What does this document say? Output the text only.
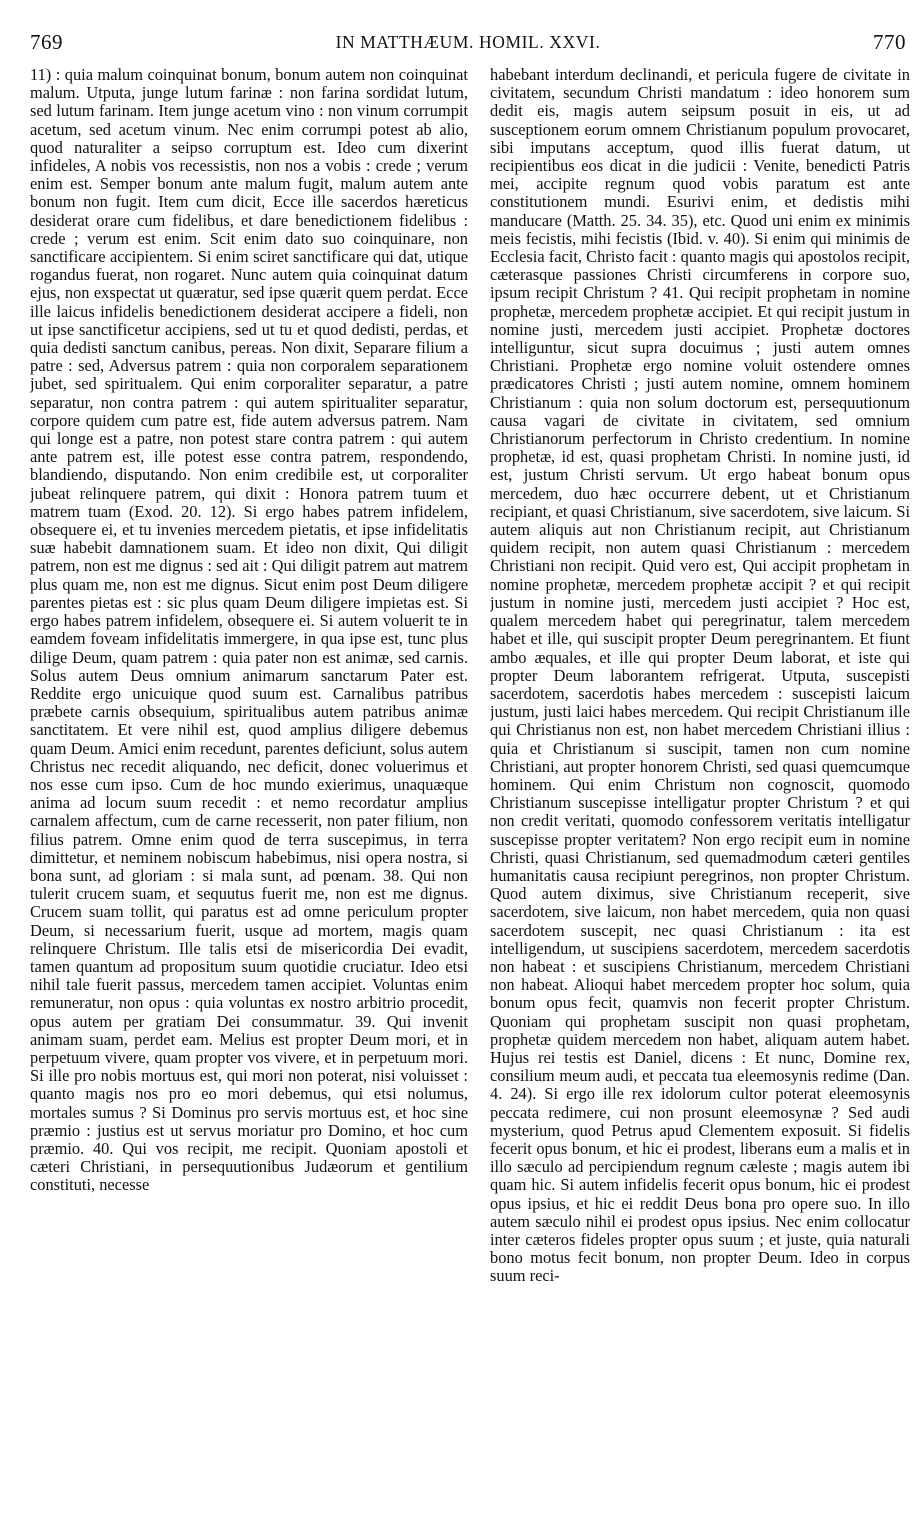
769	IN MATTHÆUM. HOMIL. XXVI.	770

11) : quia malum coinquinat bonum, bonum autem non coinquinat malum. Utputa, junge lutum farinæ : non farina sordidat lutum, sed lutum farinam. Item junge acetum vino : non vinum corrumpit acetum, sed acetum vinum. Nec enim corrumpi potest ab alio, quod naturaliter a seipso corruptum est. Ideo cum dixerint infideles, A nobis vos recessistis, non nos a vobis : crede ; verum enim est. Semper bonum ante malum fugit, malum autem ante bonum non fugit. Item cum dicit, Ecce ille sacerdos hæreticus desiderat orare cum fidelibus, et dare benedictionem fidelibus : crede ; verum est enim. Scit enim dato suo coinquinare, non sanctificare accipientem. Si enim sciret sanctificare qui dat, utique rogandus fuerat, non rogaret. Nunc autem quia coinquinat datum ejus, non exspectat ut quæratur, sed ipse quærit quem perdat. Ecce ille laicus infidelis benedictionem desiderat accipere a fideli, non ut ipse sanctificetur accipiens, sed ut tu et quod dedisti, perdas, et quia dedisti sanctum canibus, pereas. Non dixit, Separare filium a patre : sed, Adversus patrem : quia non corporalem separationem jubet, sed spiritualem. Qui enim corporaliter separatur, a patre separatur, non contra patrem : qui autem spiritualiter separatur, corpore quidem cum patre est, fide autem adversus patrem. Nam qui longe est a patre, non potest stare contra patrem : qui autem ante patrem est, ille potest esse contra patrem, respondendo, blandiendo, disputando. Non enim credibile est, ut corporaliter jubeat relinquere patrem, qui dixit : Honora patrem tuum et matrem tuam (Exod. 20. 12). Si ergo habes patrem infidelem, obsequere ei, et tu invenies mercedem pietatis, et ipse infidelitatis suæ habebit damnationem suam. Et ideo non dixit, Qui diligit patrem, non est me dignus : sed ait : Qui diligit patrem aut matrem plus quam me, non est me dignus. Sicut enim post Deum diligere parentes pietas est : sic plus quam Deum diligere impietas est. Si ergo habes patrem infidelem, obsequere ei. Si autem voluerit te in eamdem foveam infidelitatis immergere, in qua ipse est, tunc plus dilige Deum, quam patrem : quia pater non est animæ, sed carnis. Solus autem Deus omnium animarum sanctarum Pater est. Reddite ergo unicuique quod suum est. Carnalibus patribus præbete carnis obsequium, spiritualibus autem patribus animæ sanctitatem. Et vere nihil est, quod amplius diligere debemus quam Deum. Amici enim recedunt, parentes deficiunt, solus autem Christus nec recedit aliquando, nec deficit, donec voluerimus et nos esse cum ipso. Cum de hoc mundo exierimus, unaquæque anima ad locum suum recedit : et nemo recordatur amplius carnalem affectum, cum de carne recesserit, non pater filium, non filius patrem. Omne enim quod de terra suscepimus, in terra dimittetur, et neminem nobiscum habebimus, nisi opera nostra, si bona sunt, ad gloriam : si mala sunt, ad pœnam. 38. Qui non tulerit crucem suam, et sequutus fuerit me, non est me dignus. Crucem suam tollit, qui paratus est ad omne periculum propter Deum, si necessarium fuerit, usque ad mortem, magis quam relinquere Christum. Ille talis etsi de misericordia Dei evadit, tamen quantum ad propositum suum quotidie cruciatur. Ideo etsi nihil tale fuerit passus, mercedem tamen accipiet. Voluntas enim remuneratur, non opus : quia voluntas ex nostro arbitrio procedit, opus autem per gratiam Dei consummatur. 39. Qui invenit animam suam, perdet eam. Melius est propter Deum mori, et in perpetuum vivere, quam propter vos vivere, et in perpetuum mori. Si ille pro nobis mortuus est, qui mori non poterat, nisi voluisset : quanto magis nos pro eo mori debemus, qui etsi nolumus, mortales sumus ? Si Dominus pro servis mortuus est, et hoc sine præmio : justius est ut servus moriatur pro Domino, et hoc cum præmio. 40. Qui vos recipit, me recipit. Quoniam apostoli et cæteri Christiani, in persequutionibus Judæorum et gentilium constituti, necesse

habebant interdum declinandi, et pericula fugere de civitate in civitatem, secundum Christi mandatum : ideo honorem sum dedit eis, magis autem seipsum posuit in eis, ut ad susceptionem eorum omnem Christianum populum provocaret, sibi imputans acceptum, quod illis fuerat datum, ut recipientibus eos dicat in die judicii : Venite, benedicti Patris mei, accipite regnum quod vobis paratum est ante constitutionem mundi. Esurivi enim, et dedistis mihi manducare (Matth. 25. 34. 35), etc. Quod uni enim ex minimis meis fecistis, mihi fecistis (Ibid. v. 40). Si enim qui minimis de Ecclesia facit, Christo facit : quanto magis qui apostolos recipit, cæterasque passiones Christi circumferens in corpore suo, ipsum recipit Christum ? 41. Qui recipit prophetam in nomine prophetæ, mercedem prophetæ accipiet. Et qui recipit justum in nomine justi, mercedem justi accipiet. Prophetæ doctores intelliguntur, sicut supra docuimus ; justi autem omnes Christiani. Prophetæ ergo nomine voluit ostendere omnes prædicatores Christi ; justi autem nomine, omnem hominem Christianum : quia non solum doctorum est, persequutionum causa vagari de civitate in civitatem, sed omnium Christianorum perfectorum in Christo credentium. In nomine prophetæ, id est, quasi prophetam Christi. In nomine justi, id est, justum Christi servum. Ut ergo habeat bonum opus mercedem, duo hæc occurrere debent, ut et Christianum recipiant, et quasi Christianum, sive sacerdotem, sive laicum. Si autem aliquis aut non Christianum recipit, aut Christianum quidem recipit, non autem quasi Christianum : mercedem Christiani non recipit. Quid vero est, Qui accipit prophetam in nomine prophetæ, mercedem prophetæ accipit ? et qui recipit justum in nomine justi, mercedem justi accipiet ? Hoc est, qualem mercedem habet qui peregrinatur, talem mercedem habet et ille, qui suscipit propter Deum peregrinantem. Et fiunt ambo æquales, et ille qui propter Deum laborat, et iste qui propter Deum laborantem refrigerat. Utputa, suscepisti sacerdotem, sacerdotis habes mercedem : suscepisti laicum justum, justi laici habes mercedem. Qui recipit Christianum ille qui Christianus non est, non habet mercedem Christiani illius : quia et Christianum si suscipit, tamen non cum nomine Christiani, aut propter honorem Christi, sed quasi quemcumque hominem. Qui enim Christum non cognoscit, quomodo Christianum suscepisse intelligatur propter Christum ? et qui non credit veritati, quomodo confessorem veritatis intelligatur suscepisse propter veritatem? Non ergo recipit eum in nomine Christi, quasi Christianum, sed quemadmodum cæteri gentiles humanitatis causa recipiunt peregrinos, non propter Christum. Quod autem diximus, sive Christianum receperit, sive sacerdotem, sive laicum, non habet mercedem, quia non quasi sacerdotem suscepit, nec quasi Christianum : ita est intelligendum, ut suscipiens sacerdotem, mercedem sacerdotis non habeat : et suscipiens Christianum, mercedem Christiani non habeat. Alioqui habet mercedem propter hoc solum, quia bonum opus fecit, quamvis non fecerit propter Christum. Quoniam qui prophetam suscipit non quasi prophetam, prophetæ quidem mercedem non habet, aliquam autem habet. Hujus rei testis est Daniel, dicens : Et nunc, Domine rex, consilium meum audi, et peccata tua eleemosynis redime (Dan. 4. 24). Si ergo ille rex idolorum cultor poterat eleemosynis peccata redimere, cui non prosunt eleemosynæ ? Sed audi mysterium, quod Petrus apud Clementem exposuit. Si fidelis fecerit opus bonum, et hic ei prodest, liberans eum a malis et in illo sæculo ad percipiendum regnum cæleste ; magis autem ibi quam hic. Si autem infidelis fecerit opus bonum, hic ei prodest opus ipsius, et hic ei reddit Deus bona pro opere suo. In illo autem sæculo nihil ei prodest opus ipsius. Nec enim collocatur inter cæteros fideles propter opus suum ; et juste, quia naturali bono motus fecit bonum, non propter Deum. Ideo in corpus suum reci-
